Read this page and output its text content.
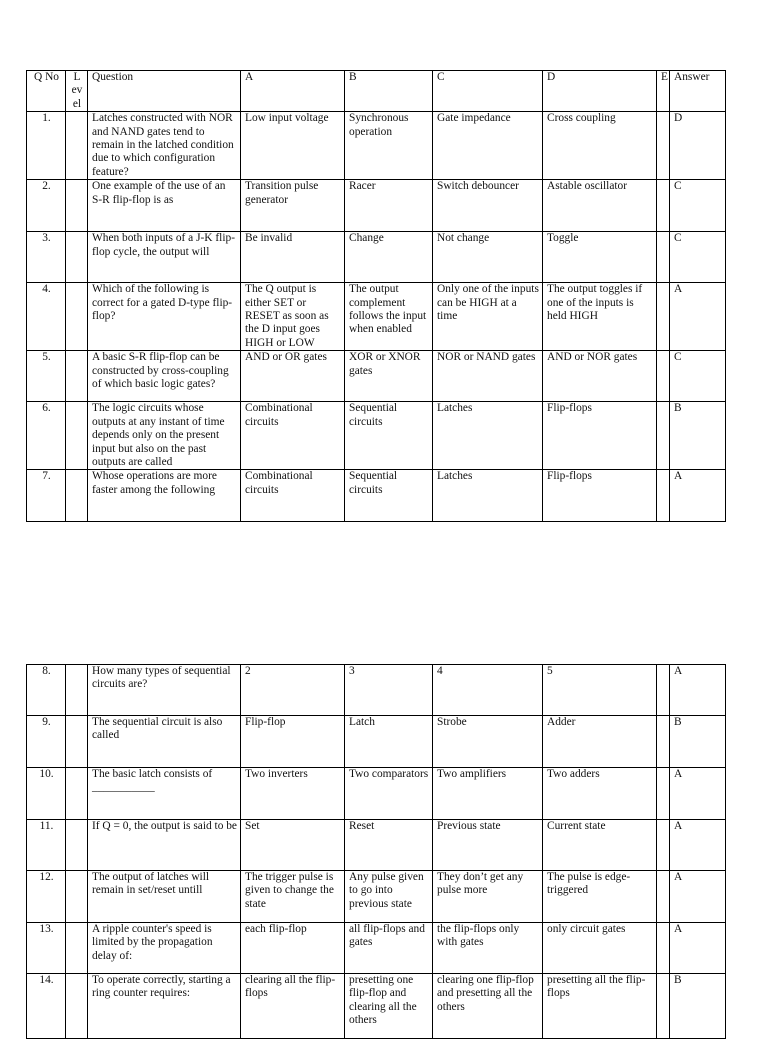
Q No	L ev el	Question	A	B	C	D	E	Answer
1.		Latches constructed with NOR and NAND gates tend to remain in the latched condition due to which configuration feature?	Low input voltage	Synchronous operation	Gate impedance	Cross coupling		D
2.		One example of the use of an S-R flip-flop is as	Transition pulse generator	Racer	Switch debouncer	Astable oscillator		C
3.		When both inputs of a J-K flip-flop cycle, the output will	Be invalid	Change	Not change	Toggle		C
4.		Which of the following is correct for a gated D-type flip-flop?	The Q output is either SET or RESET as soon as the D input goes HIGH or LOW	The output complement follows the input when enabled	Only one of the inputs can be HIGH at a time	The output toggles if one of the inputs is held HIGH		A
5.		A basic S-R flip-flop can be constructed by cross-coupling of which basic logic gates?	AND or OR gates	XOR or XNOR gates	NOR or NAND gates	AND or NOR gates		C
6.		The logic circuits whose outputs at any instant of time depends only on the present input but also on the past outputs are called	Combinational circuits	Sequential circuits	Latches	Flip-flops		B
7.		Whose operations are more faster among the following	Combinational circuits	Sequential circuits	Latches	Flip-flops		A
8.		How many types of sequential circuits are?	2	3	4	5		A
9.		The sequential circuit is also called	Flip-flop	Latch	Strobe	Adder		B
10.		The basic latch consists of ___________	Two inverters	Two comparators	Two amplifiers	Two adders		A
11.		If Q = 0, the output is said to be	Set	Reset	Previous state	Current state		A
12.		The output of latches will remain in set/reset untill	The trigger pulse is given to change the state	Any pulse given to go into previous state	They don’t get any pulse more	The pulse is edge-triggered		A
13.		A ripple counter's speed is limited by the propagation delay of:	each flip-flop	all flip-flops and gates	the flip-flops only with gates	only circuit gates		A
14.		To operate correctly, starting a ring counter requires:	clearing all the flip-flops	presetting one flip-flop and clearing all the others	clearing one flip-flop and presetting all the others	presetting all the flip-flops		B
